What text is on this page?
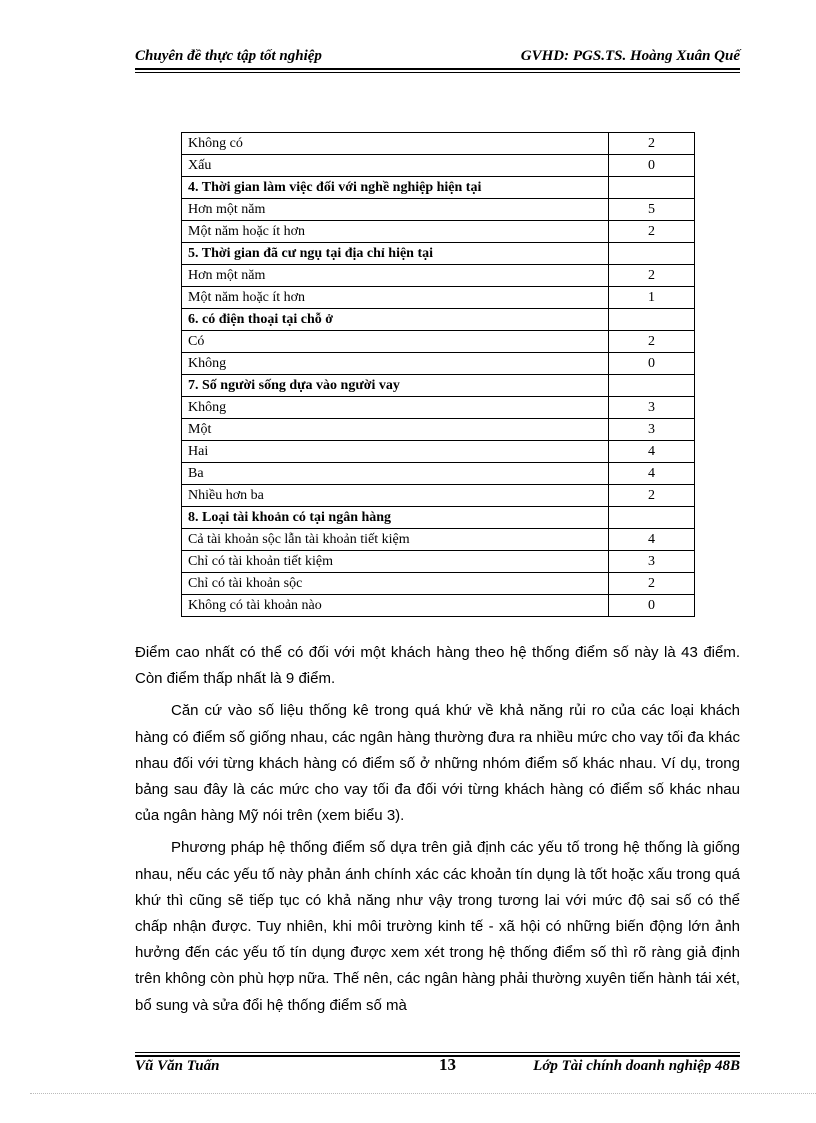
Chuyên đề thực tập tốt nghiệp	GVHD: PGS.TS. Hoàng Xuân Quế
Không có	2
Xấu	0
4. Thời gian làm việc đối với nghề nghiệp hiện tại	
Hơn một năm	5
Một năm hoặc ít hơn	2
5. Thời gian đã cư ngụ tại địa chỉ hiện tại	
Hơn một năm	2
Một năm hoặc ít hơn	1
6. có điện thoại tại chỗ ở	
Có	2
Không	0
7. Số người sống dựa vào người vay	
Không	3
Một	3
Hai	4
Ba	4
Nhiều hơn ba	2
8. Loại tài khoản có tại ngân hàng	
Cả tài khoản sộc lẫn tài khoản tiết kiệm	4
Chỉ có tài khoản tiết kiệm	3
Chỉ có tài khoản sộc	2
Không có tài khoản nào	0

Điểm cao nhất có thể có đối với một khách hàng theo hệ thống điểm số này là 43 điểm. Còn điểm thấp nhất là 9 điểm.

Căn cứ vào số liệu thống kê trong quá khứ về khả năng rủi ro của các loại khách hàng có điểm số giống nhau, các ngân hàng thường đưa ra nhiều mức cho vay tối đa khác nhau đối với từng khách hàng có điểm số ở những nhóm điểm số khác nhau. Ví dụ, trong bảng sau đây là các mức cho vay tối đa đối với từng khách hàng có điểm số khác nhau của ngân hàng Mỹ nói trên (xem biểu 3).

Phương pháp hệ thống điểm số dựa trên giả định các yếu tố trong hệ thống là giống nhau, nếu các yếu tố này phản ánh chính xác các khoản tín dụng là tốt hoặc xấu trong quá khứ thì cũng sẽ tiếp tục có khả năng như vậy trong tương lai với mức độ sai số có thể chấp nhận được. Tuy nhiên, khi môi trường kinh tế - xã hội có những biến động lớn ảnh hưởng đến các yếu tố tín dụng được xem xét trong hệ thống điểm số thì rõ ràng giả định trên không còn phù hợp nữa. Thế nên, các ngân hàng phải thường xuyên tiến hành tái xét, bổ sung và sửa đổi hệ thống điểm số mà

Vũ Văn Tuấn	13	Lớp Tài chính doanh nghiệp 48B
